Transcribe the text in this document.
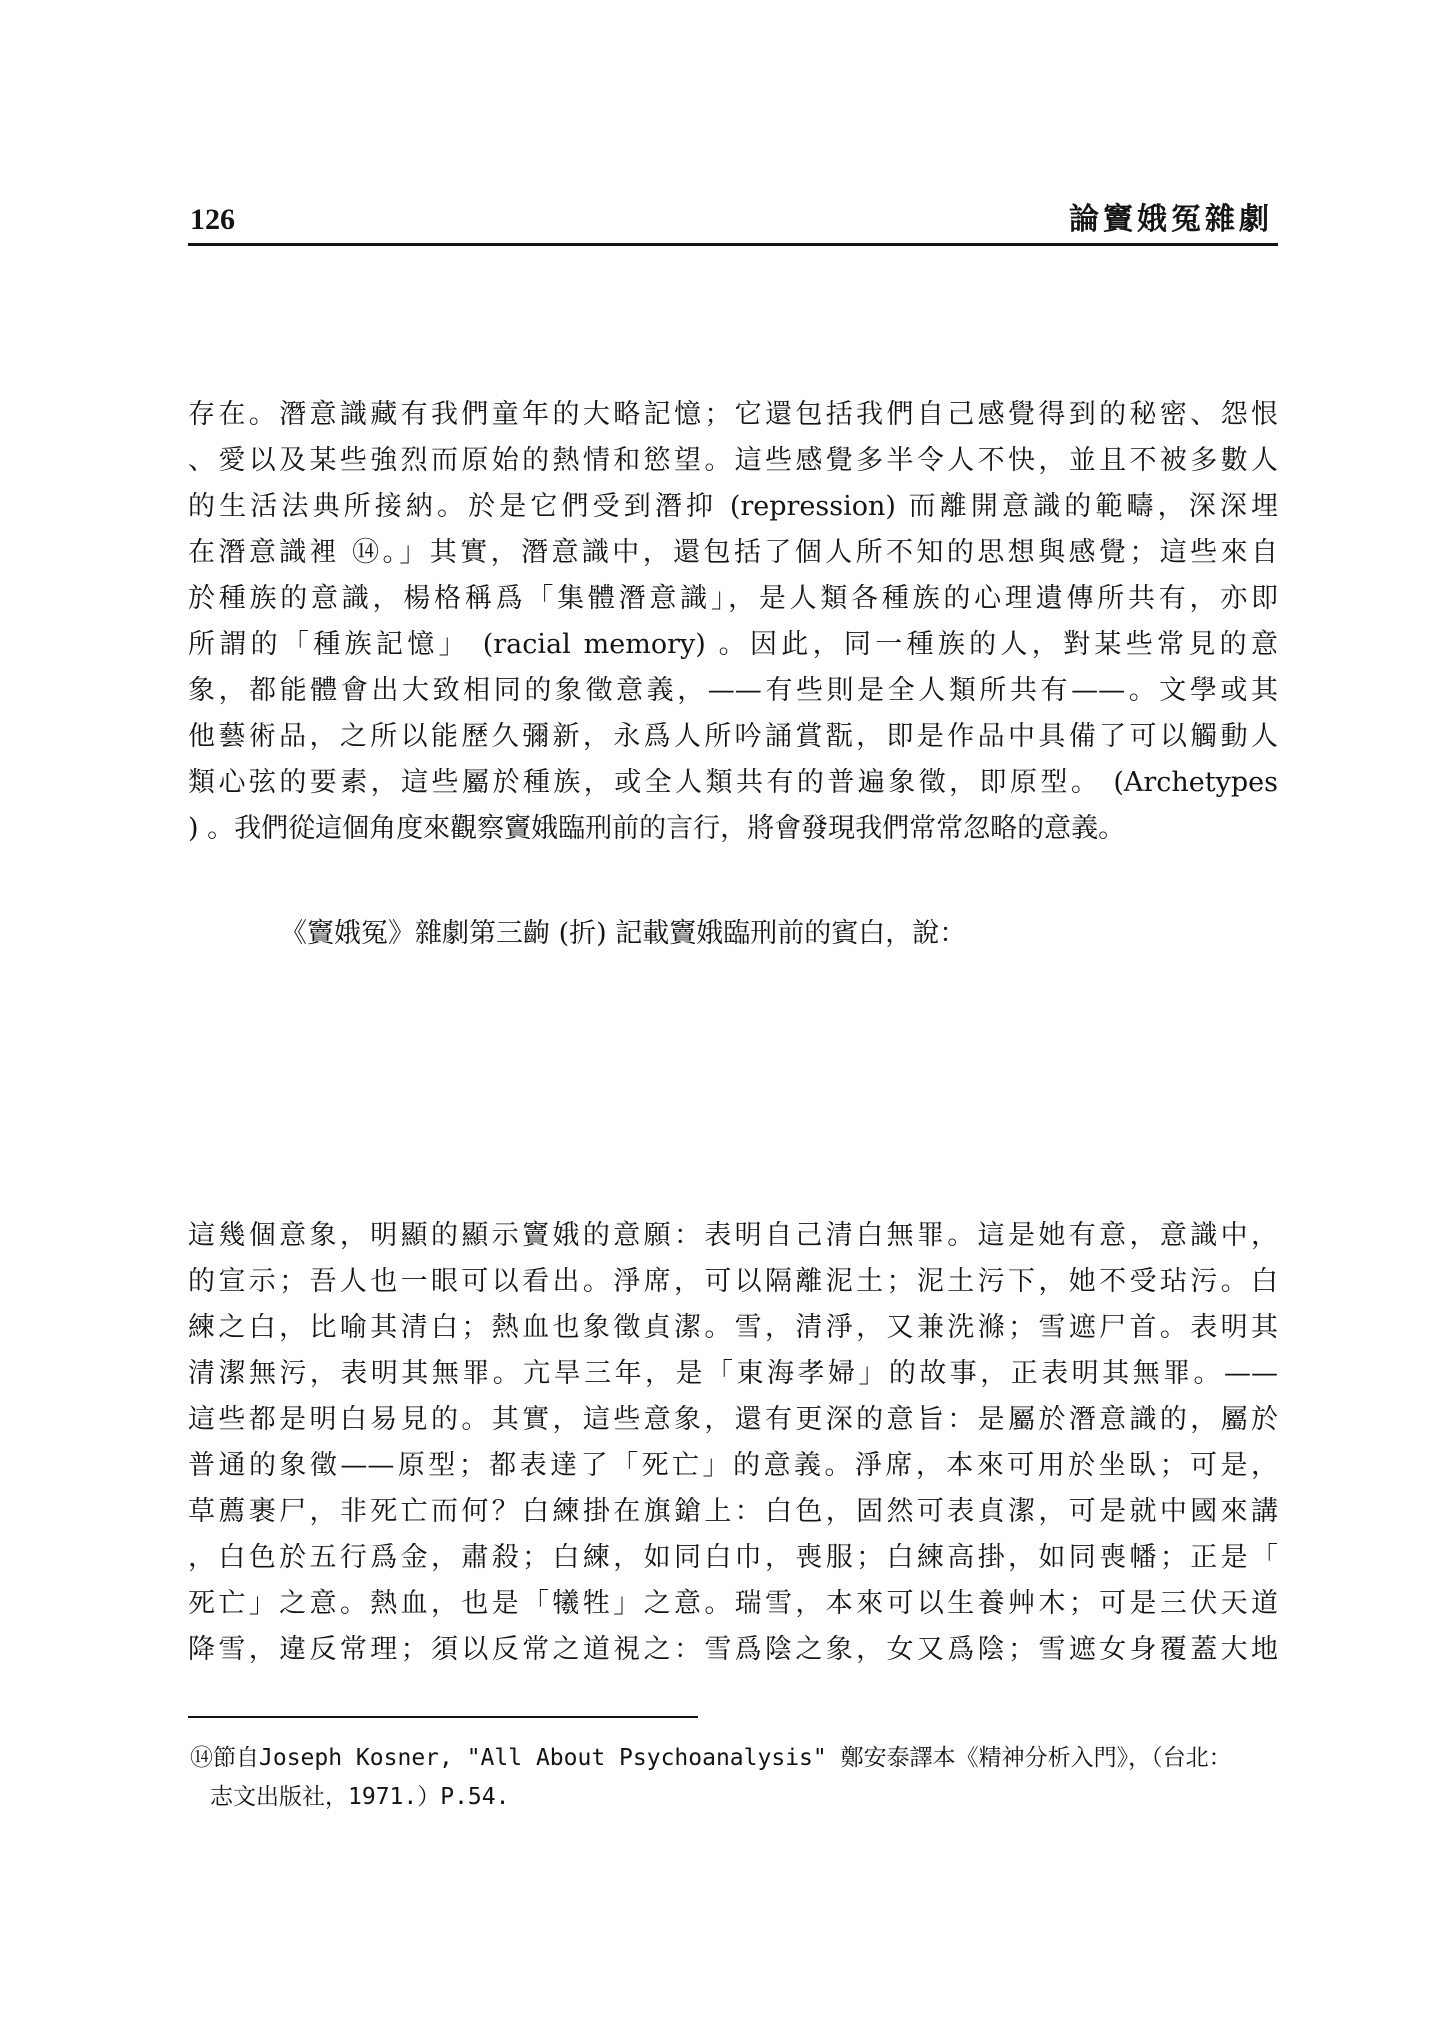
126	論竇娥冤雜劇
存在。潛意識藏有我們童年的大略記憶；它還包括我們自己感覺得到的秘密、怨恨
、愛以及某些強烈而原始的熱情和慾望。這些感覺多半令人不快，並且不被多數人
的生活法典所接納。於是它們受到潛抑 (repression) 而離開意識的範疇，深深埋
在潛意識裡 ⑭。」其實，潛意識中，還包括了個人所不知的思想與感覺；這些來自
於種族的意識，楊格稱爲「集體潛意識」，是人類各種族的心理遺傳所共有，亦即
所謂的「種族記憶」 (racial memory) 。因此，同一種族的人，對某些常見的意
象，都能體會出大致相同的象徵意義，——有些則是全人類所共有——。文學或其
他藝術品，之所以能歷久彌新，永爲人所吟誦賞翫，即是作品中具備了可以觸動人
類心弦的要素，這些屬於種族，或全人類共有的普遍象徵，即原型。 (Archetypes
) 。我們從這個角度來觀察竇娥臨刑前的言行，將會發現我們常常忽略的意義。
《竇娥冤》雜劇第三齣 (折) 記載竇娥臨刑前的賓白，說：
這幾個意象，明顯的顯示竇娥的意願：表明自己清白無罪。這是她有意，意識中，
的宣示；吾人也一眼可以看出。淨席，可以隔離泥土；泥土污下，她不受玷污。白
練之白，比喻其清白；熱血也象徵貞潔。雪，清淨，又兼洗滌；雪遮尸首。表明其
清潔無污，表明其無罪。亢旱三年，是「東海孝婦」的故事，正表明其無罪。——
這些都是明白易見的。其實，這些意象，還有更深的意旨：是屬於潛意識的，屬於
普通的象徵——原型；都表達了「死亡」的意義。淨席，本來可用於坐臥；可是，
草薦裹尸，非死亡而何？白練掛在旗鎗上：白色，固然可表貞潔，可是就中國來講
，白色於五行爲金，肅殺；白練，如同白巾，喪服；白練高掛，如同喪幡；正是「
死亡」之意。熱血，也是「犧牲」之意。瑞雪，本來可以生養艸木；可是三伏天道
降雪，違反常理；須以反常之道視之：雪爲陰之象，女又爲陰；雪遮女身覆蓋大地
⑭節自Joseph Kosner, "All About Psychoanalysis" 鄭安泰譯本《精神分析入門》，（台北：
志文出版社，1971.）P.54.
